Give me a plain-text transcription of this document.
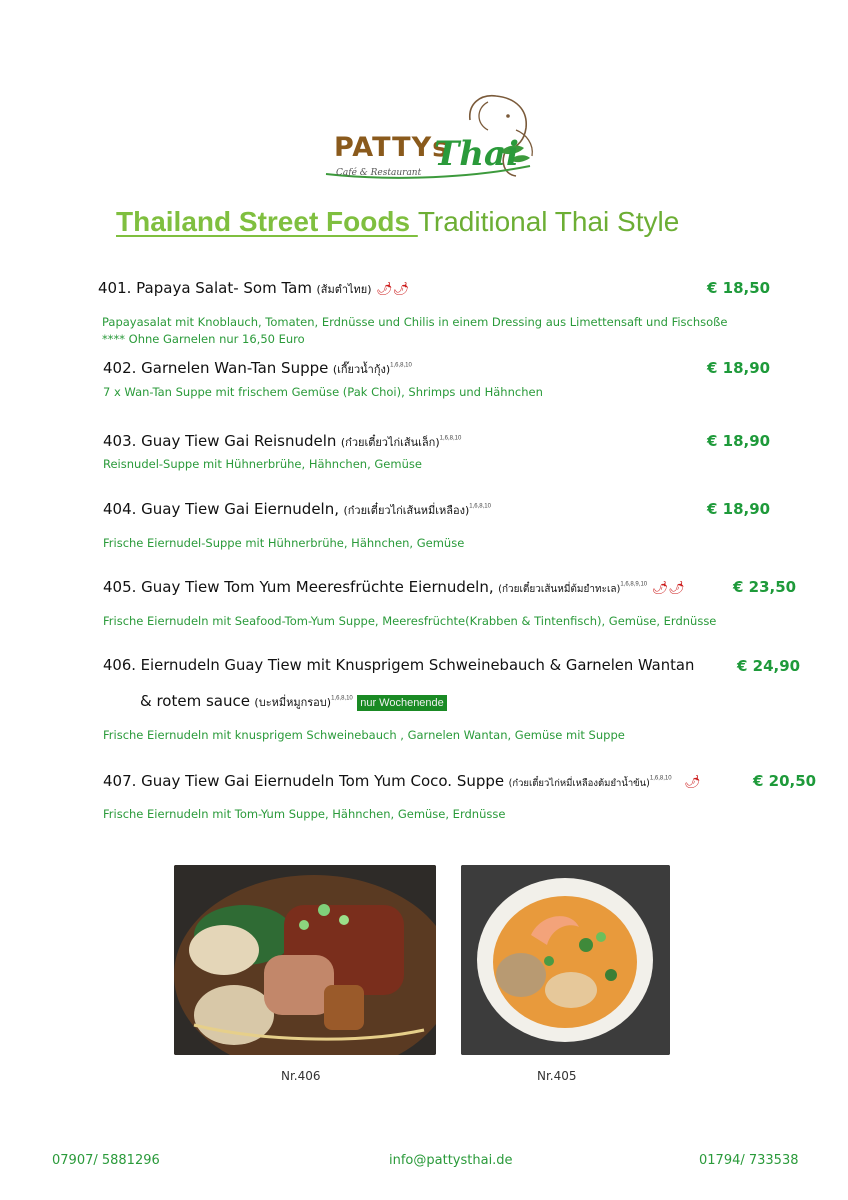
PATTYs
Thai
Café & Restaurant
Thailand Street Foods Traditional Thai Style
401. Papaya Salat- Som Tam (ส้มตำไทย) 🌶🌶	€ 18,50
Papayasalat mit Knoblauch, Tomaten, Erdnüsse und Chilis in einem Dressing aus Limettensaft und Fischsoße
**** Ohne Garnelen nur 16,50 Euro
402. Garnelen Wan-Tan Suppe (เกี๊ยวน้ำกุ้ง)$^{1,6,8,10}$	€ 18,90
7 x Wan-Tan Suppe mit frischem Gemüse (Pak Choi), Shrimps und Hähnchen
403. Guay Tiew Gai Reisnudeln (ก๋วยเตี๋ยวไก่เส้นเล็ก)$^{1,6,8,10}$	€ 18,90
Reisnudel-Suppe mit Hühnerbrühe, Hähnchen, Gemüse
404. Guay Tiew Gai Eiernudeln, (ก๋วยเตี๋ยวไก่เส้นหมี่เหลือง)$^{1,6,8,10}$	€ 18,90
Frische Eiernudel-Suppe mit Hühnerbrühe, Hähnchen, Gemüse
405. Guay Tiew Tom Yum Meeresfrüchte Eiernudeln, (ก๋วยเตี๋ยวเส้นหมี่ต้มยำทะเล)$^{1,6,8,9,10}$ 🌶🌶	€ 23,50
Frische Eiernudeln mit Seafood-Tom-Yum Suppe, Meeresfrüchte(Krabben & Tintenfisch), Gemüse, Erdnüsse
406. Eiernudeln Guay Tiew mit Knusprigem Schweinebauch & Garnelen Wantan	€ 24,90
& rotem sauce (บะหมี่หมูกรอบ)$^{1,6,8,10}$ nur Wochenende
Frische Eiernudeln mit knusprigem Schweinebauch , Garnelen Wantan, Gemüse mit Suppe
407. Guay Tiew Gai Eiernudeln Tom Yum Coco. Suppe (ก๋วยเตี๋ยวไก่หมี่เหลืองต้มยำน้ำข้น)$^{1,6,8,10}$ 🌶	€ 20,50
Frische Eiernudeln mit Tom-Yum Suppe, Hähnchen, Gemüse, Erdnüsse
Nr.406	Nr.405
07907/ 5881296	info@pattysthai.de	01794/ 733538
